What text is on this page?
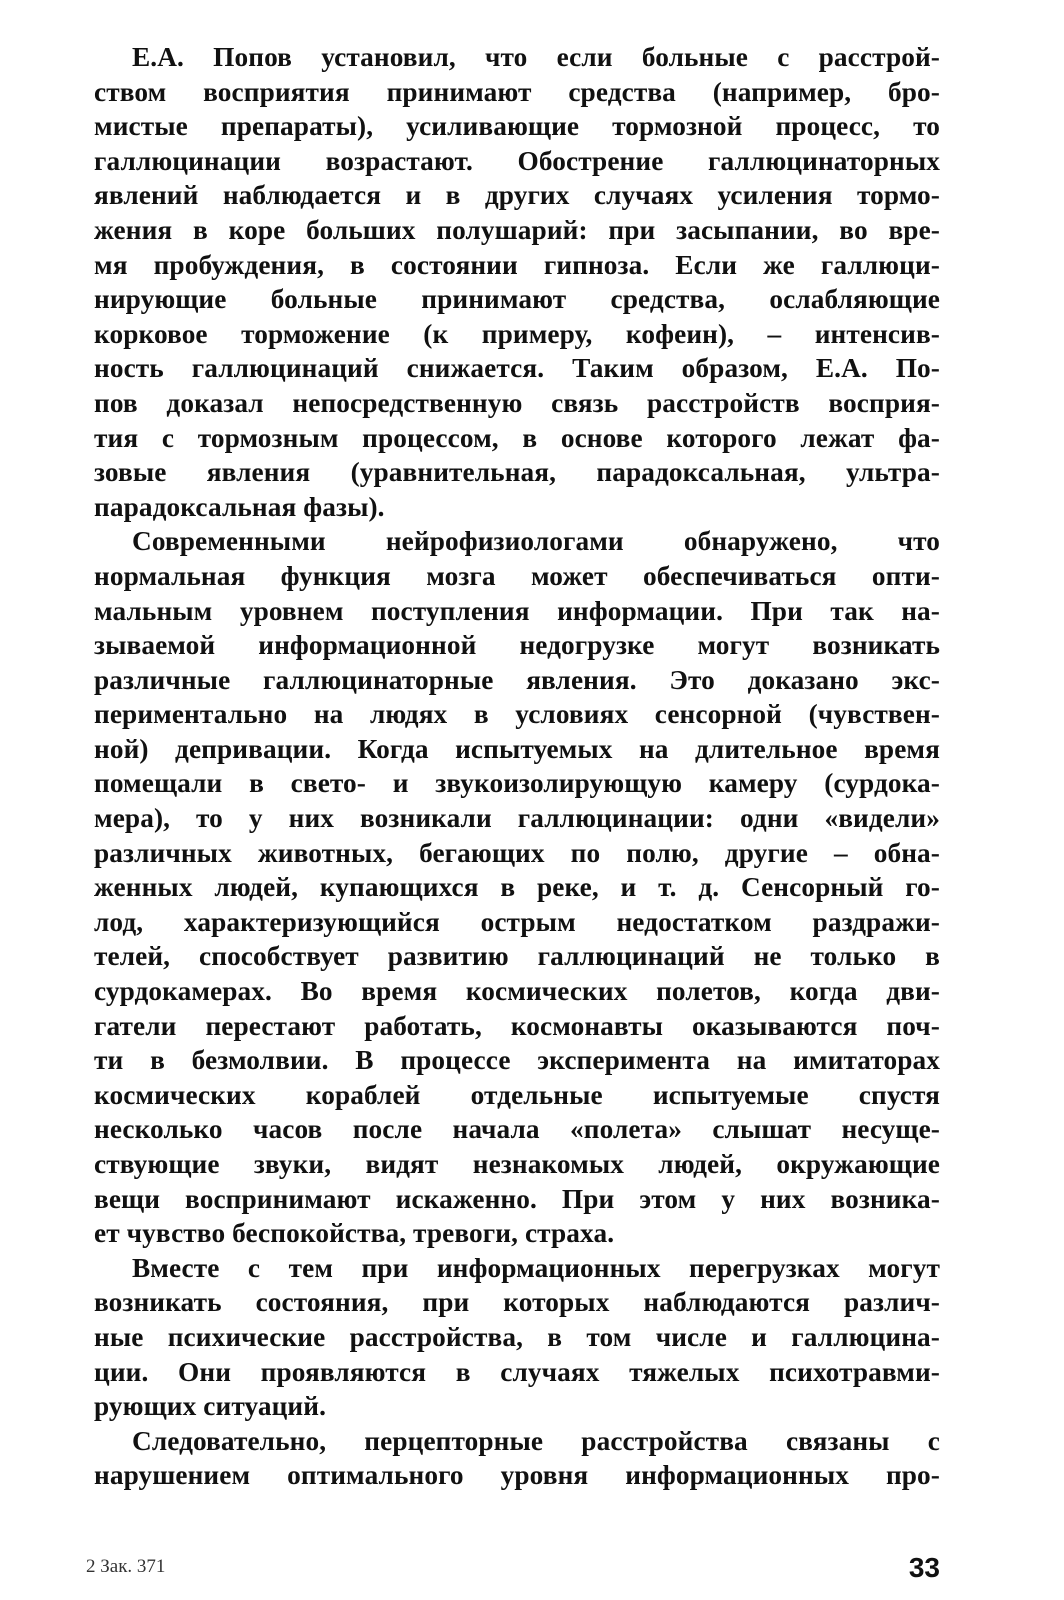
Е.А. Попов установил, что если больные с расстрой-
ством восприятия принимают средства (например, бро-
мистые препараты), усиливающие тормозной процесс, то
галлюцинации возрастают. Обострение галлюцинаторных
явлений наблюдается и в других случаях усиления тормо-
жения в коре больших полушарий: при засыпании, во вре-
мя пробуждения, в состоянии гипноза. Если же галлюци-
нирующие больные принимают средства, ослабляющие
корковое торможение (к примеру, кофеин), – интенсив-
ность галлюцинаций снижается. Таким образом, Е.А. По-
пов доказал непосредственную связь расстройств восприя-
тия с тормозным процессом, в основе которого лежат фа-
зовые явления (уравнительная, парадоксальная, ультра-
парадоксальная фазы).
Современными нейрофизиологами обнаружено, что
нормальная функция мозга может обеспечиваться опти-
мальным уровнем поступления информации. При так на-
зываемой информационной недогрузке могут возникать
различные галлюцинаторные явления. Это доказано экс-
периментально на людях в условиях сенсорной (чувствен-
ной) депривации. Когда испытуемых на длительное время
помещали в свето- и звукоизолирующую камеру (сурдока-
мера), то у них возникали галлюцинации: одни «видели»
различных животных, бегающих по полю, другие – обна-
женных людей, купающихся в реке, и т. д. Сенсорный го-
лод, характеризующийся острым недостатком раздражи-
телей, способствует развитию галлюцинаций не только в
сурдокамерах. Во время космических полетов, когда дви-
гатели перестают работать, космонавты оказываются поч-
ти в безмолвии. В процессе эксперимента на имитаторах
космических кораблей отдельные испытуемые спустя
несколько часов после начала «полета» слышат несуще-
ствующие звуки, видят незнакомых людей, окружающие
вещи воспринимают искаженно. При этом у них возника-
ет чувство беспокойства, тревоги, страха.
Вместе с тем при информационных перегрузках могут
возникать состояния, при которых наблюдаются различ-
ные психические расстройства, в том числе и галлюцина-
ции. Они проявляются в случаях тяжелых психотравми-
рующих ситуаций.
Следовательно, перцепторные расстройства связаны с
нарушением оптимального уровня информационных про-
2 Зак. 371	33
